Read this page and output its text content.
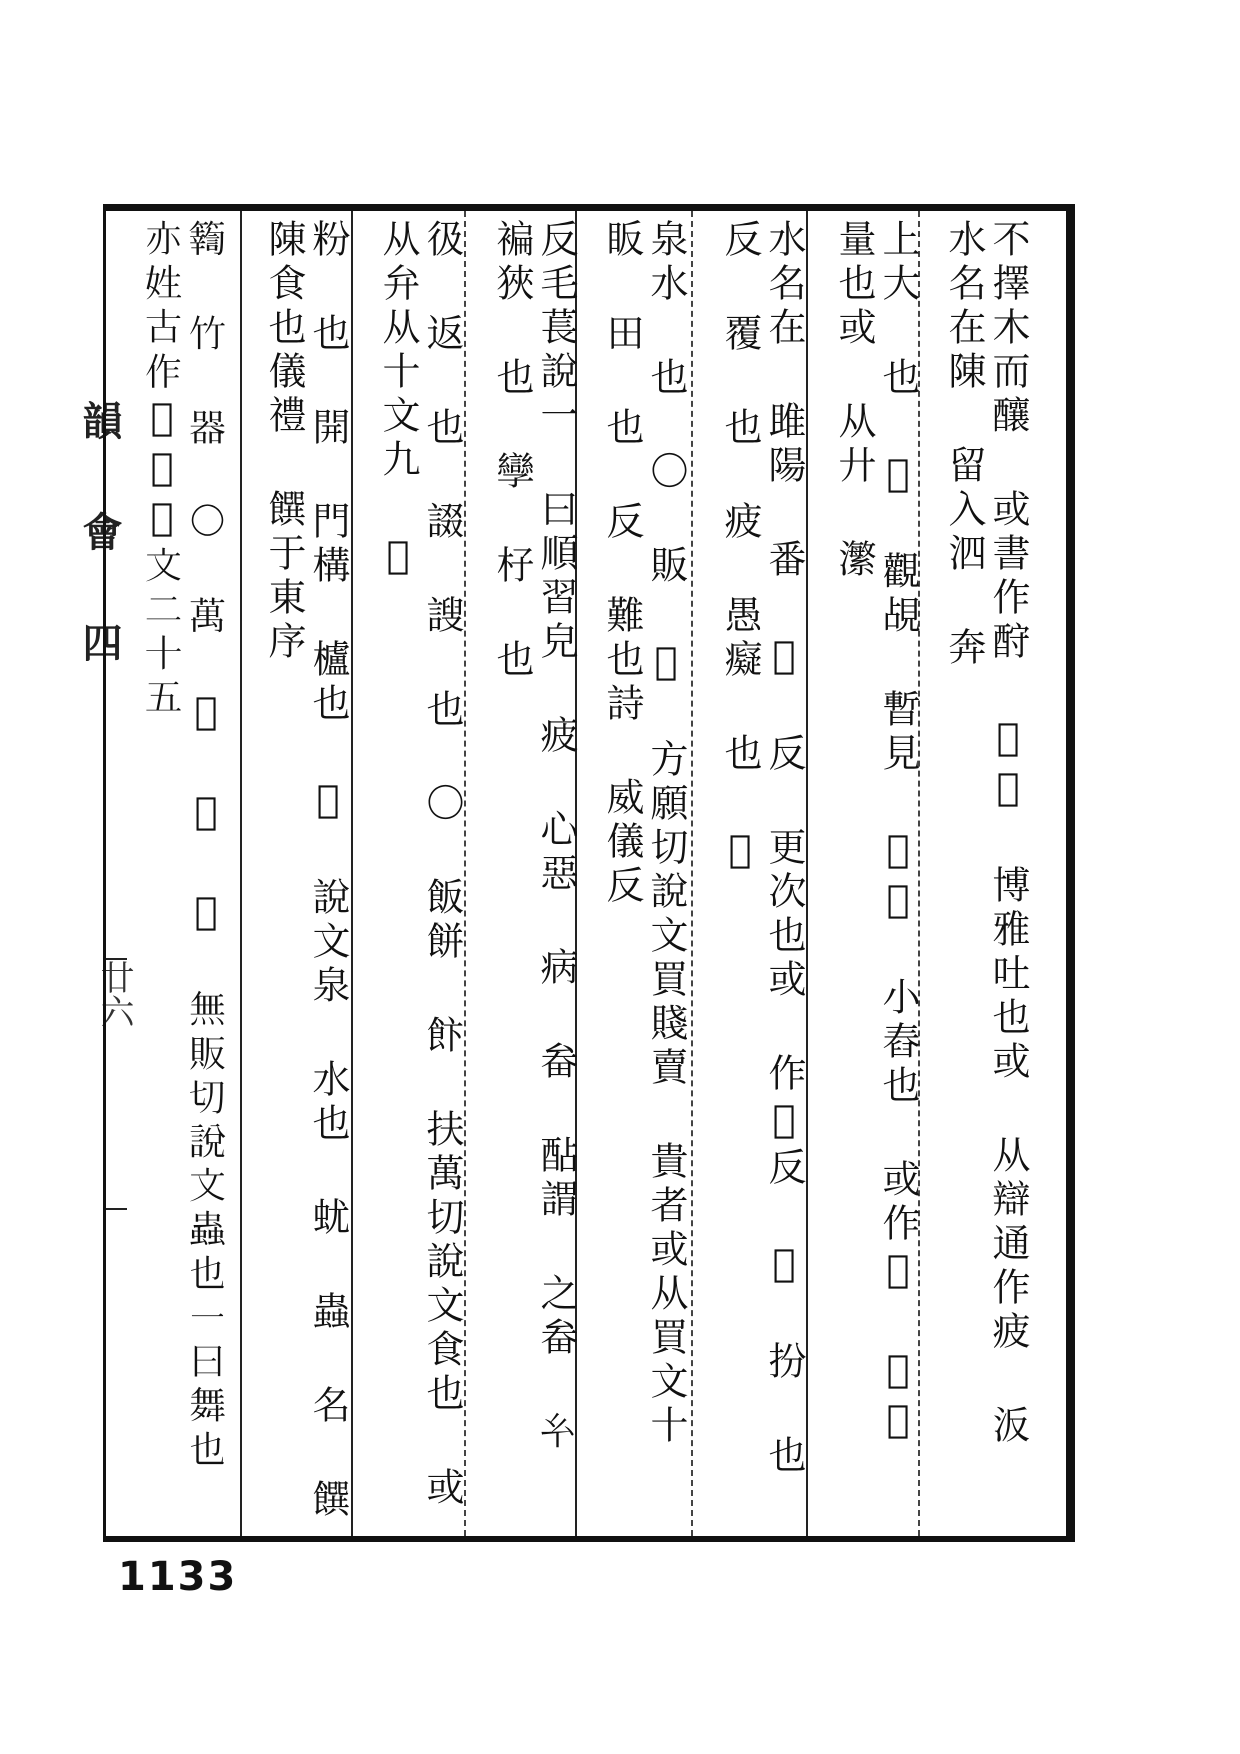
韻 會 四
廿六	不擇木而釀 或書作酧 𡙼𡙼 博雅吐也或 从辯通作疲 汳 水名在陳 留入泗 奔
上大 也 𧢗 觀覘 暫見 𡙼𡙼 小舂也 或作𡙼 𡙼𡙼 量也或 从廾 瀿
水名在 雎陽 番 𩟖 反 更次也或 作𩟖反 𤸱 扮 也 反 覆 也 疲 愚癡 也 𡙼
泉水 也 〇 販 𧸓 方願切說文買賤賣 貴者或从買文十 眅 田 也 反 難也詩 威儀反
反毛萇說一 曰順習皃 疲 心惡 病 畚 酟謂 之畚 𢆯 褊狹 也 孿 杍 也
彶 返 也 諁 謏 也 〇 飯餅 飰 扶萬切說文食也 或从弁从十文九 𡙼
粉 也 開 門構 櫨也 𡙼 說文泉 水也 蚘 蟲 名 饌 陳食也儀禮 饌于東序
𥷚 竹 器 〇 萬 𡙼 𡙼 𡙼 無販切說文蟲也一曰舞也 亦姓古作𡙼𡙼𡙼文二十五
1133
